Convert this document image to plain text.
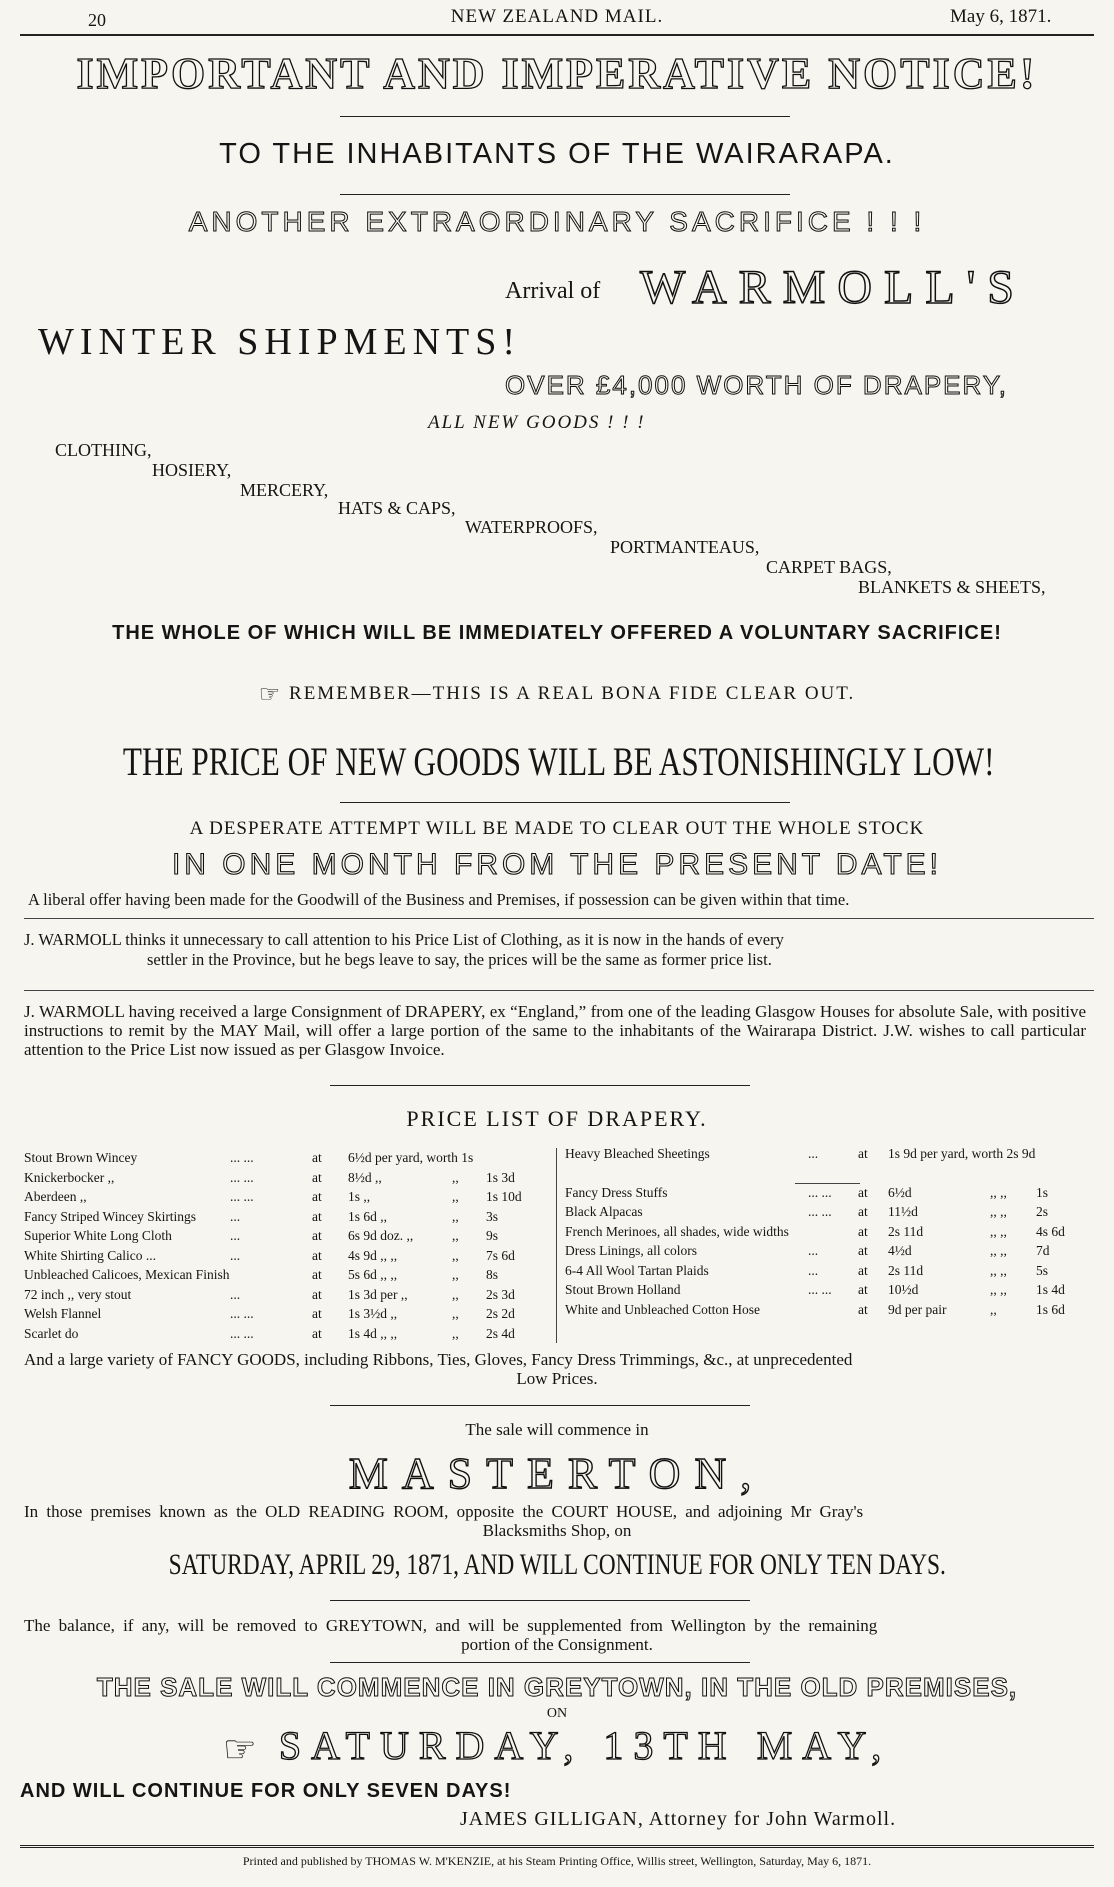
20	NEW ZEALAND MAIL.	May 6, 1871.
IMPORTANT AND IMPERATIVE NOTICE!
TO THE INHABITANTS OF THE WAIRARAPA.
ANOTHER EXTRAORDINARY SACRIFICE ! ! !
Arrival of WARMOLL'S
WINTER SHIPMENTS!
OVER £4,000 WORTH OF DRAPERY,
ALL NEW GOODS ! ! !
CLOTHING,
HOSIERY,
MERCERY,
HATS & CAPS,
WATERPROOFS,
PORTMANTEAUS,
CARPET BAGS,
BLANKETS & SHEETS,
THE WHOLE OF WHICH WILL BE IMMEDIATELY OFFERED A VOLUNTARY SACRIFICE!
☞ REMEMBER—THIS IS A REAL BONA FIDE CLEAR OUT.
THE PRICE OF NEW GOODS WILL BE ASTONISHINGLY LOW!
A DESPERATE ATTEMPT WILL BE MADE TO CLEAR OUT THE WHOLE STOCK
IN ONE MONTH FROM THE PRESENT DATE!
A liberal offer having been made for the Goodwill of the Business and Premises, if possession can be given within that time.
J. WARMOLL thinks it unnecessary to call attention to his Price List of Clothing, as it is now in the hands of every
settler in the Province, but he begs leave to say, the prices will be the same as former price list.
J. WARMOLL having received a large Consignment of DRAPERY, ex “England,” from one of the leading Glasgow Houses for absolute Sale, with positive instructions to remit by the MAY Mail, will offer a large portion of the same to the inhabitants of the Wairarapa District. J.W. wishes to call particular attention to the Price List now issued as per Glasgow Invoice.
PRICE LIST OF DRAPERY.
Stout Brown Wincey	... ...	at 6½d per yard, worth 1s
Knickerbocker ,,	... ...	at 8½d ,,	,, 1s 3d
Aberdeen ,,	... ...	at 1s ,,	,, 1s 10d
Fancy Striped Wincey Skirtings	...	at 1s 6d ,,	,, 3s
Superior White Long Cloth	...	at 6s 9d doz. ,,	,, 9s
White Shirting Calico ...	...	at 4s 9d ,, ,,	,, 7s 6d
Unbleached Calicoes, Mexican Finish	at 5s 6d ,, ,,	,, 8s
72 inch ,, very stout	...	at 1s 3d per ,,	,, 2s 3d
Welsh Flannel	... ...	at 1s 3½d ,,	,, 2s 2d
Scarlet do	... ...	at 1s 4d ,, ,,	,, 2s 4d
Heavy Bleached Sheetings	...	at 1s 9d per yard, worth 2s 9d
Fancy Dress Stuffs	... ... at 6½d	,, ,, 1s
Black Alpacas	... ... at 11½d	,, ,, 2s
French Merinoes, all shades, wide widths	at 2s 11d	,, ,, 4s 6d
Dress Linings, all colors	...	at 4½d	,, ,, 7d
6-4 All Wool Tartan Plaids	...	at 2s 11d	,, ,, 5s
Stout Brown Holland	... ... at 10½d	,, ,, 1s 4d
White and Unbleached Cotton Hose	at 9d per pair	,,	1s 6d
And a large variety of FANCY GOODS, including Ribbons, Ties, Gloves, Fancy Dress Trimmings, &c., at unprecedented
Low Prices.
The sale will commence in
MASTERTON,
In those premises known as the OLD READING ROOM, opposite the COURT HOUSE, and adjoining Mr Gray's
Blacksmiths Shop, on
SATURDAY, APRIL 29, 1871, AND WILL CONTINUE FOR ONLY TEN DAYS.
The balance, if any, will be removed to GREYTOWN, and will be supplemented from Wellington by the remaining
portion of the Consignment.
THE SALE WILL COMMENCE IN GREYTOWN, IN THE OLD PREMISES,
ON
☞ SATURDAY, 13TH MAY,
AND WILL CONTINUE FOR ONLY SEVEN DAYS!
JAMES GILLIGAN, Attorney for John Warmoll.
Printed and published by THOMAS W. M'KENZIE, at his Steam Printing Office, Willis street, Wellington, Saturday, May 6, 1871.
